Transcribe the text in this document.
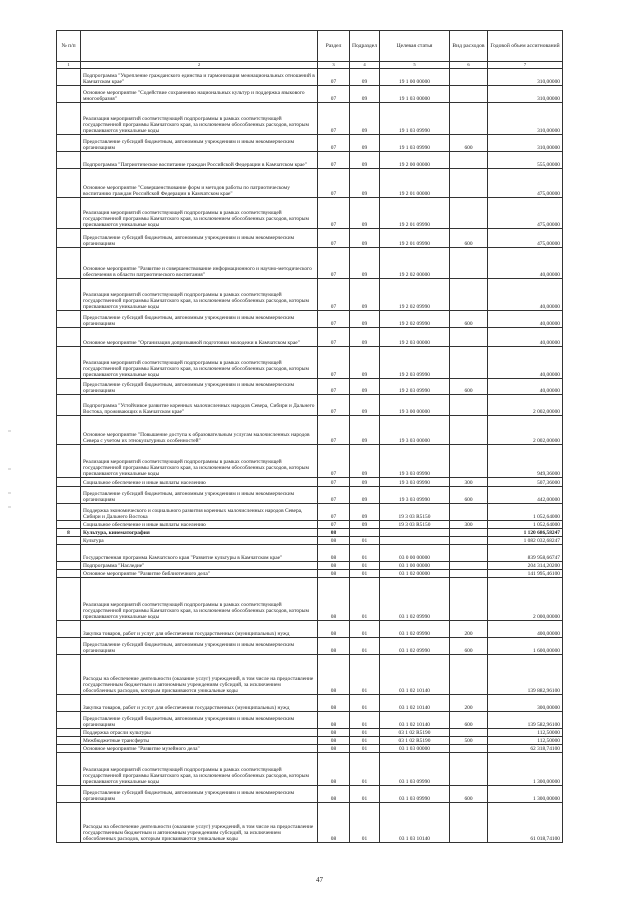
№ п/п		Раздел	Подраздел	Целевая статья	Вид расходов	Годовой объем ассигнований
1	2	3	4	5	6	7
	Подпрограмма "Укрепление гражданского единства и гармонизация межнациональных отношений в Камчатском крае"	07	09	19 1 00 00000		310,00000
	Основное мероприятие "Содействие сохранению национальных культур и поддержка языкового многообразия"	07	09	19 1 03 00000		310,00000
	Реализация мероприятий соответствующей подпрограммы в рамках соответствующей государственной программы Камчатского края, за исключением обособленных расходов, которым присваиваются уникальные коды	07	09	19 1 03 09990		310,00000
	Предоставление субсидий бюджетным, автономным учреждениям и иным некоммерческим организациям	07	09	19 1 03 09990	600	310,00000
	Подпрограмма "Патриотическое воспитание граждан Российской Федерации в Камчатском крае"	07	09	19 2 00 00000		555,00000
	Основное мероприятие "Совершенствование форм и методов работы по патриотическому воспитанию граждан Российской Федерации в Камчатском крае"	07	09	19 2 01 00000		475,00000
	Реализация мероприятий соответствующей подпрограммы в рамках соответствующей государственной программы Камчатского края, за исключением обособленных расходов, которым присваиваются уникальные коды	07	09	19 2 01 09990		475,00000
	Предоставление субсидий бюджетным, автономным учреждениям и иным некоммерческим организациям	07	09	19 2 01 09990	600	475,00000
	Основное мероприятие "Развитие и совершенствование информационного и научно-методического обеспечения в области патриотического воспитания"	07	09	19 2 02 00000		40,00000
	Реализация мероприятий соответствующей подпрограммы в рамках соответствующей государственной программы Камчатского края, за исключением обособленных расходов, которым присваиваются уникальные коды	07	09	19 2 02 09990		40,00000
	Предоставление субсидий бюджетным, автономным учреждениям и иным некоммерческим организациям	07	09	19 2 02 09990	600	40,00000
	Основное мероприятие "Организация допризывной подготовки молодежи в Камчатском крае"	07	09	19 2 03 00000		40,00000
	Реализация мероприятий соответствующей подпрограммы в рамках соответствующей государственной программы Камчатского края, за исключением обособленных расходов, которым присваиваются уникальные коды	07	09	19 2 03 09990		40,00000
	Предоставление субсидий бюджетным, автономным учреждениям и иным некоммерческим организациям	07	09	19 2 03 09990	600	40,00000
	Подпрограмма "Устойчивое развитие коренных малочисленных народов Севера, Сибири и Дальнего Востока, проживающих в Камчатском крае"	07	09	19 3 00 00000		2 002,00000
	Основное мероприятие "Повышение доступа к образовательным услугам малочисленных народов Севера с учетом их этнокультурных особенностей"	07	09	19 3 03 00000		2 002,00000
	Реализация мероприятий соответствующей подпрограммы в рамках соответствующей государственной программы Камчатского края, за исключением обособленных расходов, которым присваиваются уникальные коды	07	09	19 3 03 09990		949,36000
	Социальное обеспечение и иные выплаты населению	07	09	19 3 03 09990	300	507,36000
	Предоставление субсидий бюджетным, автономным учреждениям и иным некоммерческим организациям	07	09	19 3 03 09990	600	442,00000
	Поддержка экономического и социального развития коренных малочисленных народов Севера, Сибири и Дальнего Востока	07	09	19 3 03 R5150		1 052,64000
	Социальное обеспечение и иные выплаты населению	07	09	19 3 03 R5150	300	1 052,64000
8	Культура, кинематография	08				1 120 686,58247
	Культура	08	01			1 082 032,68247
	Государственная программа Камчатского края "Развитие культуры в Камчатском крае"	08	01	03 0 00 00000		839 958,66747
	Подпрограмма "Наследие"	08	01	03 1 00 00000		204 314,20200
	Основное мероприятие "Развитие библиотечного дела"	08	01	03 1 02 00000		141 995,46100
	Реализация мероприятий соответствующей подпрограммы в рамках соответствующей государственной программы Камчатского края, за исключением обособленных расходов, которым присваиваются уникальные коды	08	01	03 1 02 09990		2 000,00000
	Закупка товаров, работ и услуг для обеспечения государственных (муниципальных) нужд	08	01	03 1 02 09990	200	400,00000
	Предоставление субсидий бюджетным, автономным учреждениям и иным некоммерческим организациям	08	01	03 1 02 09990	600	1 600,00000
	Расходы на обеспечение деятельности (оказание услуг) учреждений, в том числе на предоставление государственным бюджетным и автономным учреждениям субсидий, за исключением обособленных расходов, которым присваиваются уникальные коды	08	01	03 1 02 10140		139 882,96100
	Закупка товаров, работ и услуг для обеспечения государственных (муниципальных) нужд	08	01	03 1 02 10140	200	300,00000
	Предоставление субсидий бюджетным, автономным учреждениям и иным некоммерческим организациям	08	01	03 1 02 10140	600	139 582,96100
	Поддержка отрасли культуры	08	01	03 1 02 R5190		112,50000
	Межбюджетные трансферты	08	01	03 1 02 R5190	500	112,50000
	Основное мероприятие "Развитие музейного дела"	08	01	03 1 03 00000		62 318,74100
	Реализация мероприятий соответствующей подпрограммы в рамках соответствующей государственной программы Камчатского края, за исключением обособленных расходов, которым присваиваются уникальные коды	08	01	03 1 03 09990		1 300,00000
	Предоставление субсидий бюджетным, автономным учреждениям и иным некоммерческим организациям	08	01	03 1 03 09990	600	1 300,00000
	Расходы на обеспечение деятельности (оказание услуг) учреждений, в том числе на предоставление государственным бюджетным и автономным учреждениям субсидий, за исключением обособленных расходов, которым присваиваются уникальные коды	08	01	03 1 03 10140		61 018,74100
47
